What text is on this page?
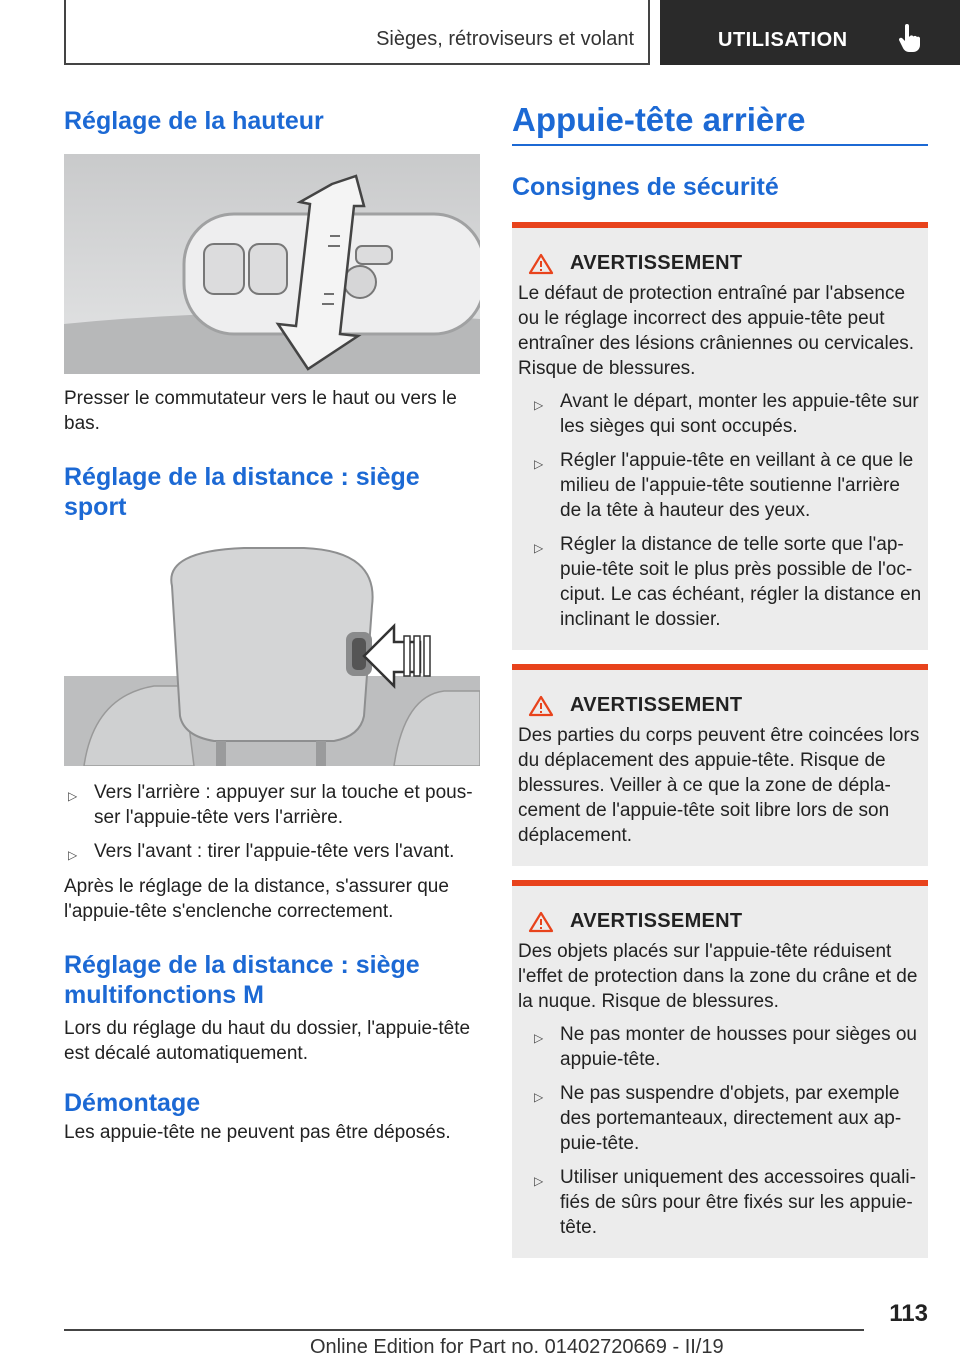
Sièges, rétroviseurs et volant	UTILISATION
Réglage de la hauteur

Presser le commutateur vers le haut ou vers le bas.

Réglage de la distance : siège
sport
▷ Vers l'arrière : appuyer sur la touche et pousser l'appuie-tête vers l'arrière.
▷ Vers l'avant : tirer l'appuie-tête vers l'avant.

Après le réglage de la distance, s'assurer que l'appuie-tête s'enclenche correctement.

Réglage de la distance : siège
multifonctions M

Lors du réglage du haut du dossier, l'appuie-tête est décalé automatiquement.

Démontage

Les appuie-tête ne peuvent pas être déposés.

Appuie-tête arrière
Consignes de sécurité
AVERTISSEMENT

Le défaut de protection entraîné par l'absence ou le réglage incorrect des appuie-tête peut entraîner des lésions crâniennes ou cervicales. Risque de blessures.

▷ Avant le départ, monter les appuie-tête sur les sièges qui sont occupés.
▷ Régler l'appuie-tête en veillant à ce que le milieu de l'appuie-tête soutienne l'arrière de la tête à hauteur des yeux.
▷ Régler la distance de telle sorte que l'appuie-tête soit le plus près possible de l'occiput. Le cas échéant, régler la distance en inclinant le dossier.
AVERTISSEMENT

Des parties du corps peuvent être coincées lors du déplacement des appuie-tête. Risque de blessures. Veiller à ce que la zone de déplacement de l'appuie-tête soit libre lors de son déplacement.

AVERTISSEMENT

Des objets placés sur l'appuie-tête réduisent l'effet de protection dans la zone du crâne et de la nuque. Risque de blessures.

▷ Ne pas monter de housses pour sièges ou appuie-tête.
▷ Ne pas suspendre d'objets, par exemple des portemanteaux, directement aux appuie-tête.
▷ Utiliser uniquement des accessoires qualifiés de sûrs pour être fixés sur les appuie-tête.
113
Online Edition for Part no. 01402720669 - II/19
